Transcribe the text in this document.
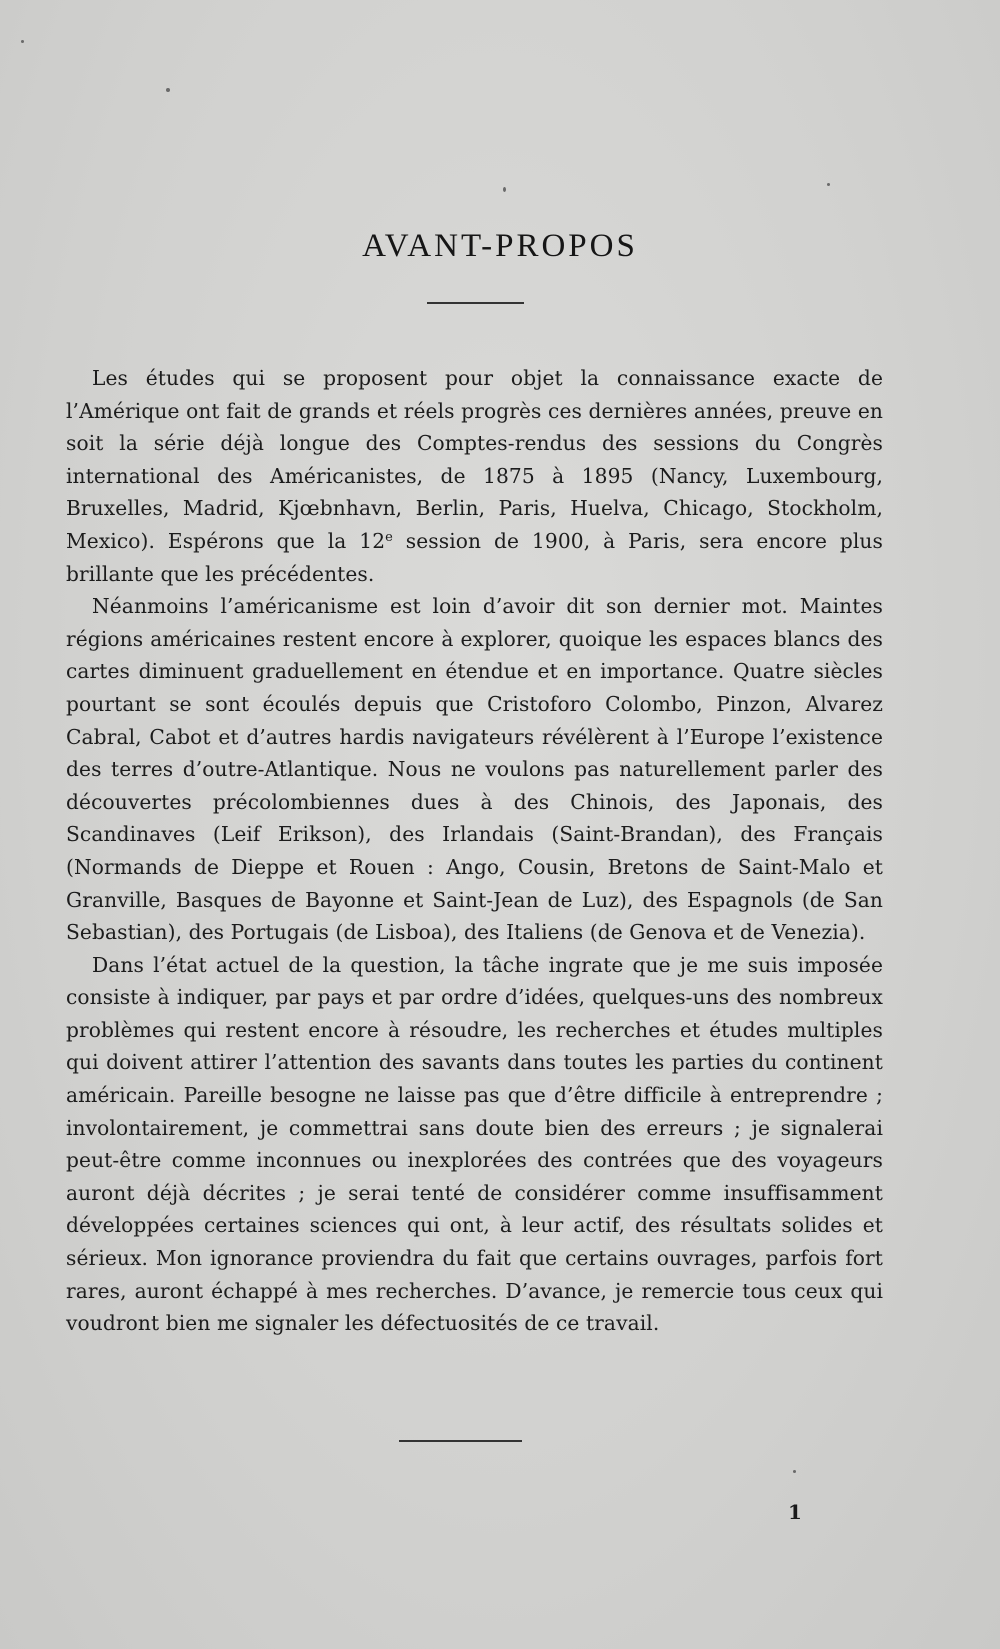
AVANT-PROPOS

Les études qui se proposent pour objet la connaissance exacte de l’Amérique ont fait de grands et réels progrès ces dernières années, preuve en soit la série déjà longue des Comptes-rendus des sessions du Congrès international des Américanistes, de 1875 à 1895 (Nancy, Luxembourg, Bruxelles, Madrid, Kjœbnhavn, Berlin, Paris, Huelva, Chicago, Stockholm, Mexico). Espérons que la 12e session de 1900, à Paris, sera encore plus brillante que les précédentes.

Néanmoins l’américanisme est loin d’avoir dit son dernier mot. Maintes régions américaines restent encore à explorer, quoique les espaces blancs des cartes diminuent graduellement en étendue et en importance. Quatre siècles pourtant se sont écoulés depuis que Cristoforo Colombo, Pinzon, Alvarez Cabral, Cabot et d’autres hardis navigateurs révélèrent à l’Europe l’existence des terres d’outre-Atlantique. Nous ne voulons pas naturellement parler des découvertes précolombiennes dues à des Chinois, des Japonais, des Scandinaves (Leif Erikson), des Irlandais (Saint-Brandan), des Français (Normands de Dieppe et Rouen : Ango, Cousin, Bretons de Saint-Malo et Granville, Basques de Bayonne et Saint-Jean de Luz), des Espagnols (de San Sebastian), des Portugais (de Lisboa), des Italiens (de Genova et de Venezia).

Dans l’état actuel de la question, la tâche ingrate que je me suis imposée consiste à indiquer, par pays et par ordre d’idées, quelques-uns des nombreux problèmes qui restent encore à résoudre, les recherches et études multiples qui doivent attirer l’attention des savants dans toutes les parties du continent américain. Pareille besogne ne laisse pas que d’être difficile à entreprendre ; involontairement, je commettrai sans doute bien des erreurs ; je signalerai peut-être comme inconnues ou inexplorées des contrées que des voyageurs auront déjà décrites ; je serai tenté de considérer comme insuffisamment développées certaines sciences qui ont, à leur actif, des résultats solides et sérieux. Mon ignorance proviendra du fait que certains ouvrages, parfois fort rares, auront échappé à mes recherches. D’avance, je remercie tous ceux qui voudront bien me signaler les défectuosités de ce travail.

1
